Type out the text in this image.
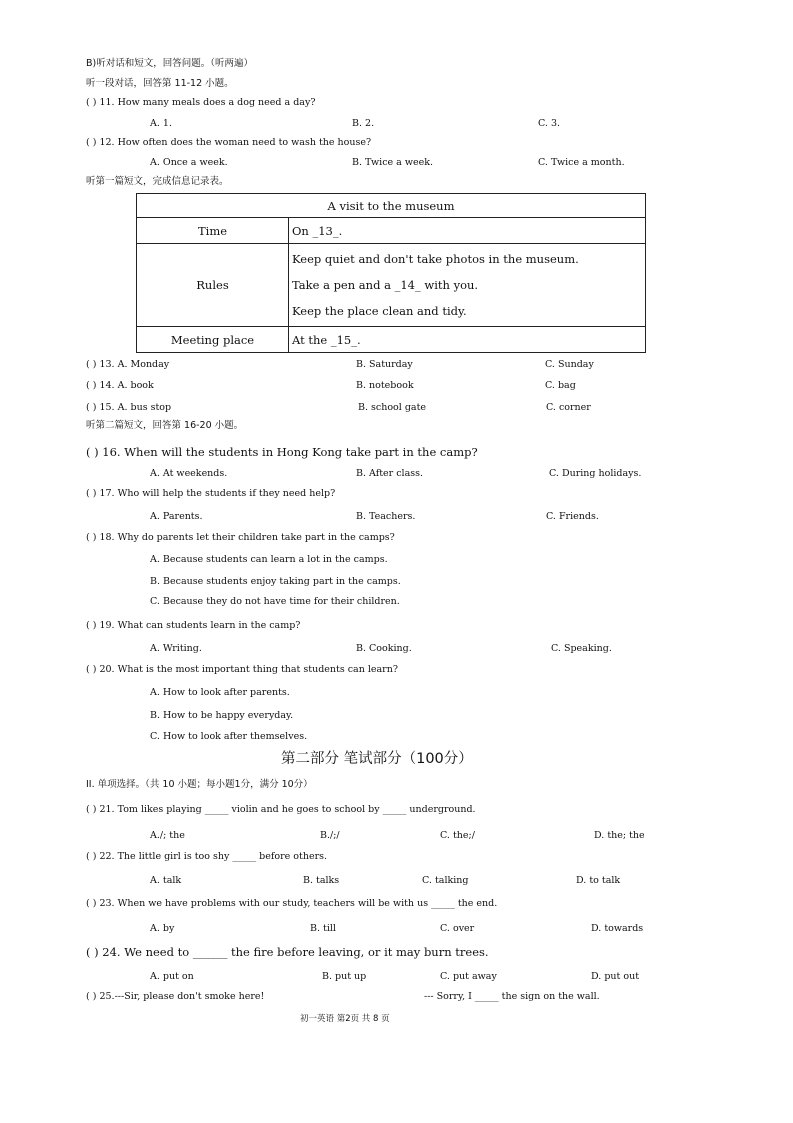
B)听对话和短文，回答问题。（听两遍）
听一段对话，回答第 11-12 小题。
( ) 11. How many meals does a dog need a day?
A. 1.	B. 2.	C. 3.
( ) 12. How often does the woman need to wash the house?
A. Once a week.	B. Twice a week.	C. Twice a month.
听第一篇短文，完成信息记录表。
A visit to the museum	
Time	On _13_.
Rules	Keep quiet and don't take photos in the museum.
Take a pen and a _14_ with you.
Keep the place clean and tidy.

Meeting place	At the _15_.
( ) 13. A. Monday	B. Saturday	C. Sunday
( ) 14. A. book	B. notebook	C. bag
( ) 15. A. bus stop	B. school gate	C. corner
听第二篇短文，回答第 16-20 小题。
( ) 16. When will the students in Hong Kong take part in the camp?
A. At weekends.	B. After class.	C. During holidays.
( ) 17. Who will help the students if they need help?
A. Parents.	B. Teachers.	C. Friends.
( ) 18. Why do parents let their children take part in the camps?
A. Because students can learn a lot in the camps.
B. Because students enjoy taking part in the camps.
C. Because they do not have time for their children.
( ) 19. What can students learn in the camp?
A. Writing.	B. Cooking.	C. Speaking.
( ) 20. What is the most important thing that students can learn?
A. How to look after parents.
B. How to be happy everyday.
C. How to look after themselves.
第二部分 笔试部分（100分）
II. 单项选择。（共 10 小题；每小题1分，满分 10分）
( ) 21. Tom likes playing _____ violin and he goes to school by _____ underground.
A./; the	B./;/	C. the;/	D. the; the
( ) 22. The little girl is too shy _____ before others.
A. talk	B. talks	C. talking	D. to talk
( ) 23. When we have problems with our study, teachers will be with us _____ the end.
A. by	B. till	C. over	D. towards
( ) 24. We need to ______ the fire before leaving, or it may burn trees.
A. put on	B. put up	C. put away	D. put out
( ) 25.---Sir, please don't smoke here!	--- Sorry, I _____ the sign on the wall.
初一英语 第2页 共 8 页
